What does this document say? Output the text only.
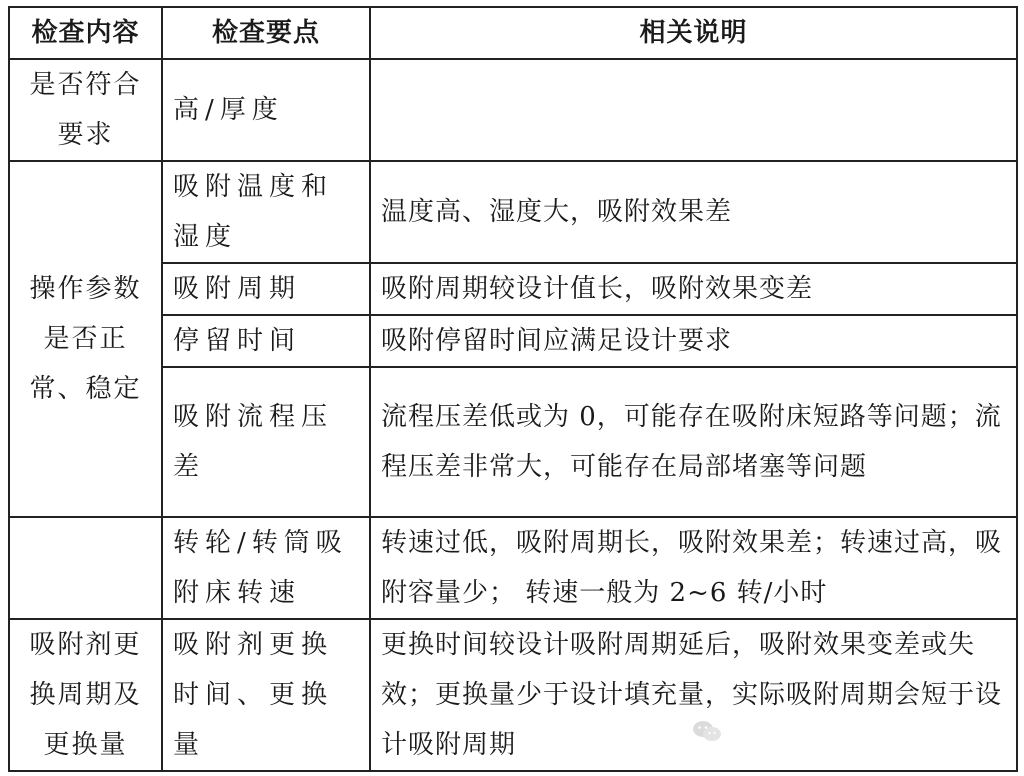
检查内容	检查要点	相关说明
是否符合要求	高/厚度	
操作参数是否正常、稳定	吸附温度和湿度	温度高、湿度大，吸附效果差
	吸附周期	吸附周期较设计值长，吸附效果变差
	停留时间	吸附停留时间应满足设计要求
	吸附流程压差	流程压差低或为 0，可能存在吸附床短路等问题；流程压差非常大，可能存在局部堵塞等问题
	转轮/转筒吸附床转速	转速过低，吸附周期长，吸附效果差；转速过高，吸附容量少； 转速一般为 2~6 转/小时
吸附剂更换周期及更换量	吸附剂更换时间、更换量	更换时间较设计吸附周期延后，吸附效果变差或失效；更换量少于设计填充量，实际吸附周期会短于设计吸附周期
